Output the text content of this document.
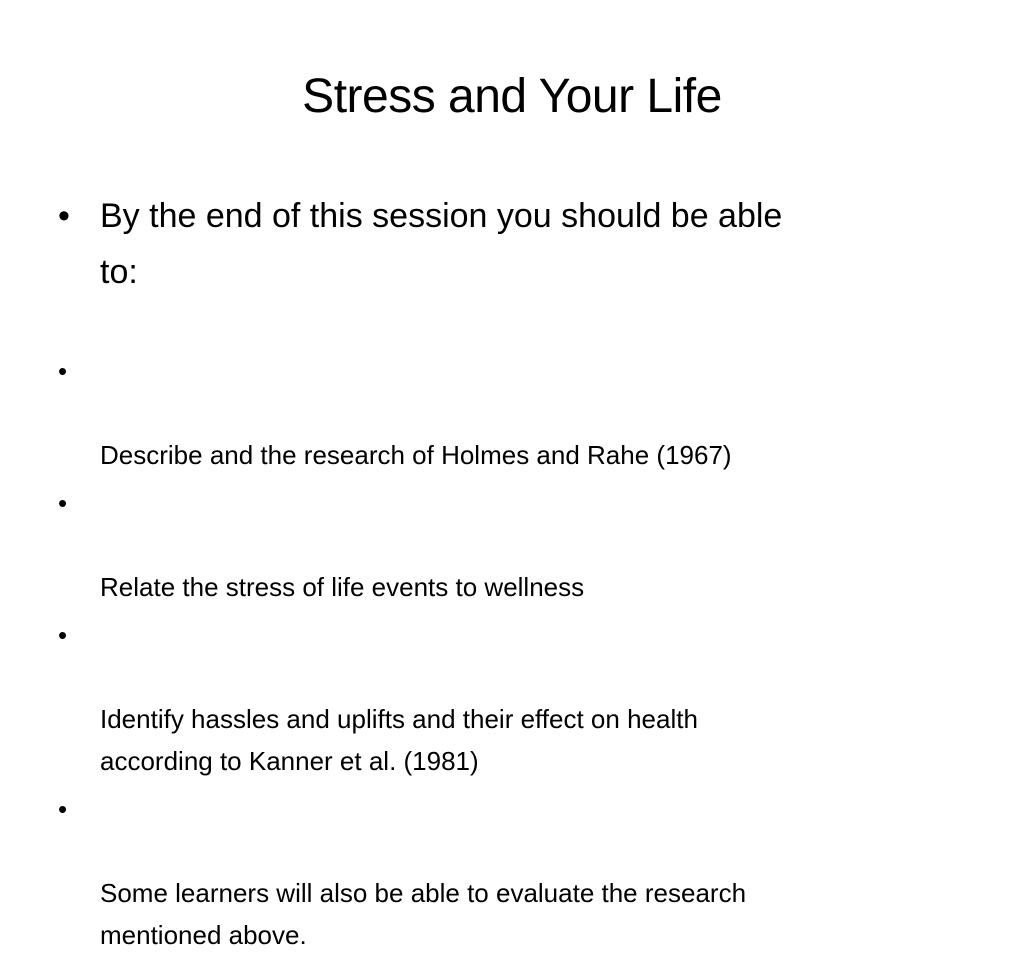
Stress and Your Life
• By the end of this session you should be able
to:

•

Describe and the research of Holmes and Rahe (1967)

•

Relate the stress of life events to wellness

•

Identify hassles and uplifts and their effect on health
according to Kanner et al. (1981)

•

Some learners will also be able to evaluate the research
mentioned above.
